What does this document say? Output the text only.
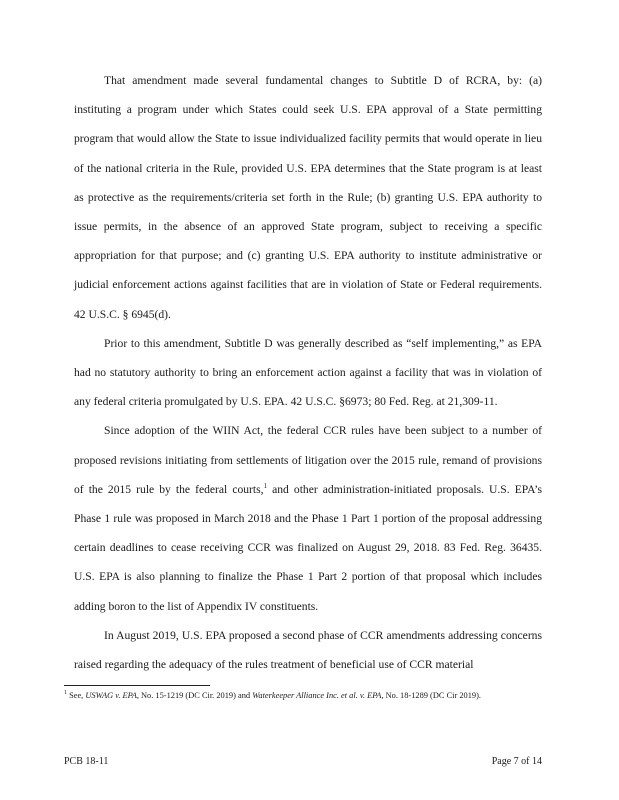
That amendment made several fundamental changes to Subtitle D of RCRA, by: (a) instituting a program under which States could seek U.S. EPA approval of a State permitting program that would allow the State to issue individualized facility permits that would operate in lieu of the national criteria in the Rule, provided U.S. EPA determines that the State program is at least as protective as the requirements/criteria set forth in the Rule; (b) granting U.S. EPA authority to issue permits, in the absence of an approved State program, subject to receiving a specific appropriation for that purpose; and (c) granting U.S. EPA authority to institute administrative or judicial enforcement actions against facilities that are in violation of State or Federal requirements. 42 U.S.C. § 6945(d).

Prior to this amendment, Subtitle D was generally described as “self implementing,” as EPA had no statutory authority to bring an enforcement action against a facility that was in violation of any federal criteria promulgated by U.S. EPA. 42 U.S.C. §6973; 80 Fed. Reg. at 21,309-11.

Since adoption of the WIIN Act, the federal CCR rules have been subject to a number of proposed revisions initiating from settlements of litigation over the 2015 rule, remand of provisions of the 2015 rule by the federal courts,$^1$ and other administration-initiated proposals. U.S. EPA’s Phase 1 rule was proposed in March 2018 and the Phase 1 Part 1 portion of the proposal addressing certain deadlines to cease receiving CCR was finalized on August 29, 2018. 83 Fed. Reg. 36435. U.S. EPA is also planning to finalize the Phase 1 Part 2 portion of that proposal which includes adding boron to the list of Appendix IV constituents.

In August 2019, U.S. EPA proposed a second phase of CCR amendments addressing concerns raised regarding the adequacy of the rules treatment of beneficial use of CCR material

$^1$ See, USWAG v. EPA, No. 15-1219 (DC Cir. 2019) and Waterkeeper Alliance Inc. et al. v. EPA, No. 18-1289 (DC Cir 2019).
PCB 18-11	Page 7 of 14
